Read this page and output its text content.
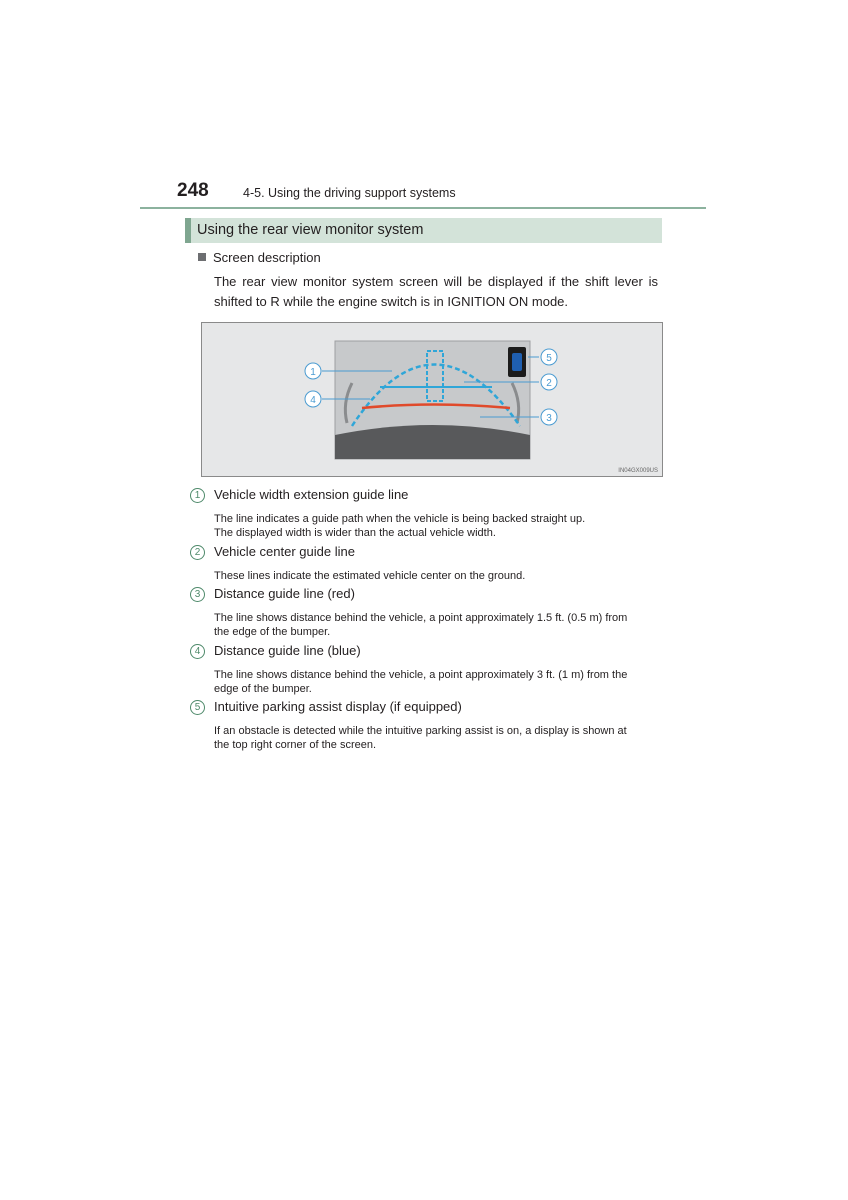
248	4-5. Using the driving support systems
Using the rear view monitor system
Screen description
The rear view monitor system screen will be displayed if the shift lever is shifted to R while the engine switch is in IGNITION ON mode.
1
4
5
2
3
IN04GX009US
1	Vehicle width extension guide line
The line indicates a guide path when the vehicle is being backed straight up.
The displayed width is wider than the actual vehicle width.
2	Vehicle center guide line
These lines indicate the estimated vehicle center on the ground.
3	Distance guide line (red)
The line shows distance behind the vehicle, a point approximately 1.5 ft. (0.5 m) from
the edge of the bumper.
4	Distance guide line (blue)
The line shows distance behind the vehicle, a point approximately 3 ft. (1 m) from the
edge of the bumper.
5	Intuitive parking assist display (if equipped)
If an obstacle is detected while the intuitive parking assist is on, a display is shown at
the top right corner of the screen.
